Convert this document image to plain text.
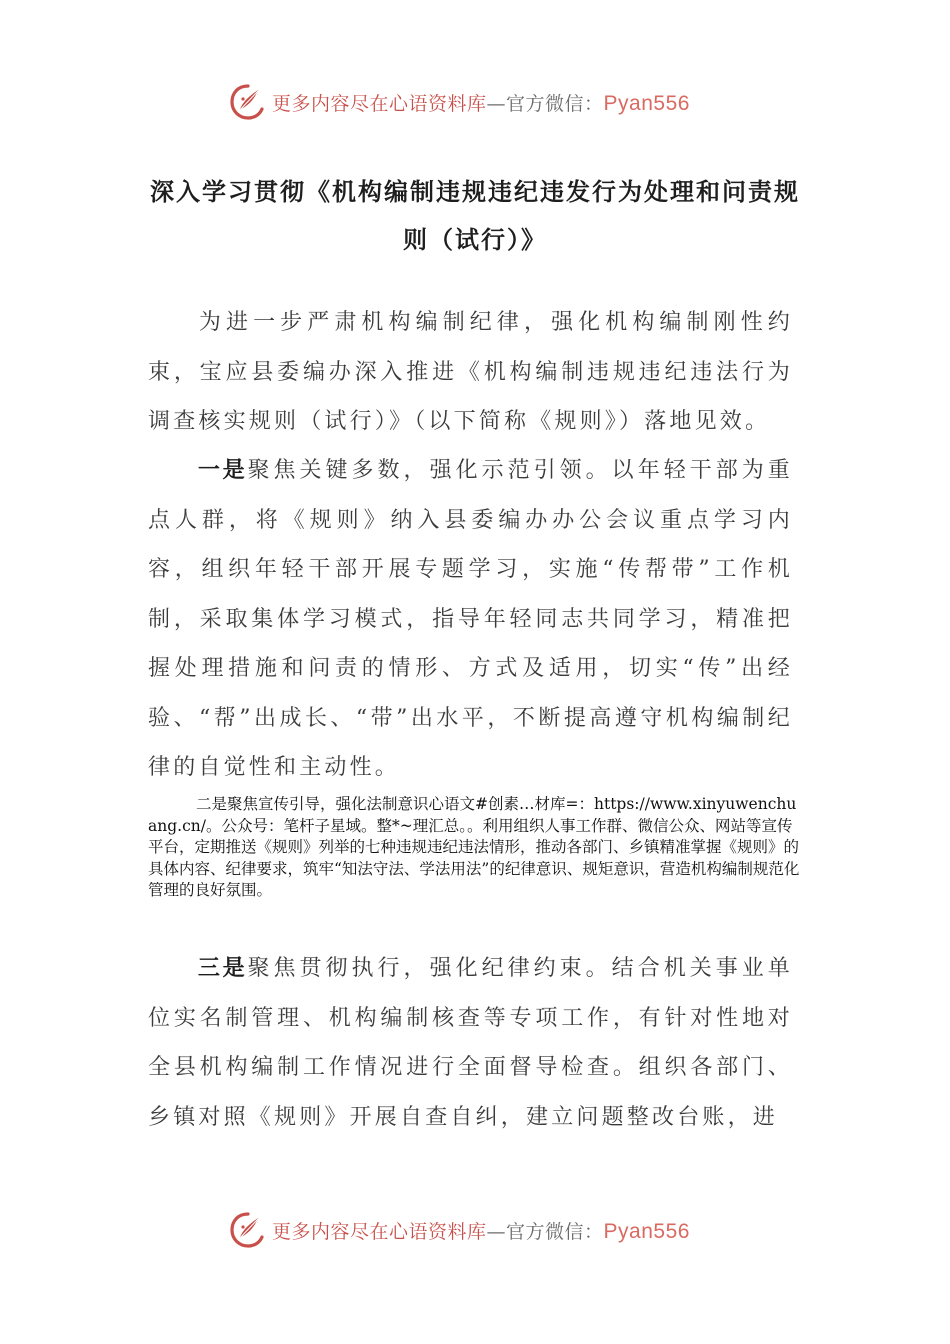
更多内容尽在心语资料库—官方微信：Pyan556
深入学习贯彻《机构编制违规违纪违发行为处理和问责规则（试行）》
为进一步严肃机构编制纪律，强化机构编制刚性约束，宝应县委编办深入推进《机构编制违规违纪违法行为调查核实规则（试行）》（以下简称《规则》）落地见效。
一是聚焦关键多数，强化示范引领。以年轻干部为重点人群，将《规则》纳入县委编办办公会议重点学习内容，组织年轻干部开展专题学习，实施“传帮带”工作机制，采取集体学习模式，指导年轻同志共同学习，精准把握处理措施和问责的情形、方式及适用，切实“传”出经验、“帮”出成长、“带”出水平，不断提高遵守机构编制纪律的自觉性和主动性。
二是聚焦宣传引导，强化法制意识心语文#创素…材库=：https://www.xinyuwenchuang.cn/。公众号：笔杆子星域。整*~理汇总。。利用组织人事工作群、微信公众、网站等宣传平台，定期推送《规则》列举的七种违规违纪违法情形，推动各部门、乡镇精准掌握《规则》的具体内容、纪律要求，筑牢“知法守法、学法用法”的纪律意识、规矩意识，营造机构编制规范化管理的良好氛围。
三是聚焦贯彻执行，强化纪律约束。结合机关事业单位实名制管理、机构编制核查等专项工作，有针对性地对全县机构编制工作情况进行全面督导检查。组织各部门、乡镇对照《规则》开展自查自纠，建立问题整改台账，进
更多内容尽在心语资料库—官方微信：Pyan556
